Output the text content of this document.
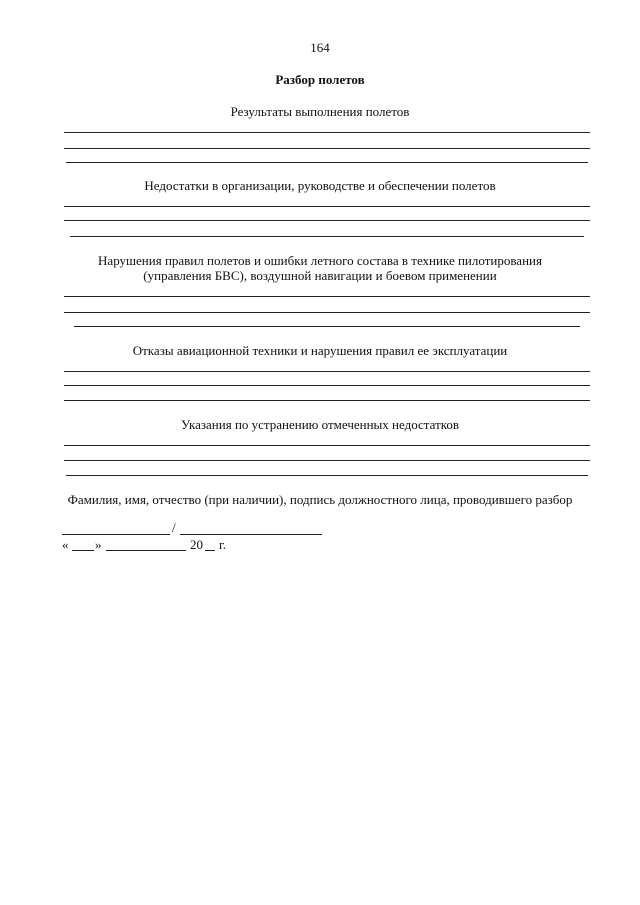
164
Разбор полетов
Результаты выполнения полетов
Недостатки в организации, руководстве и обеспечении полетов
Нарушения правил полетов и ошибки летного состава в технике пилотирования
(управления БВС), воздушной навигации и боевом применении
Отказы авиационной техники и нарушения правил ее эксплуатации
Указания по устранению отмеченных недостатков
Фамилия, имя, отчество (при наличии), подпись должностного лица, проводившего разбор
/
« »	20 г.
